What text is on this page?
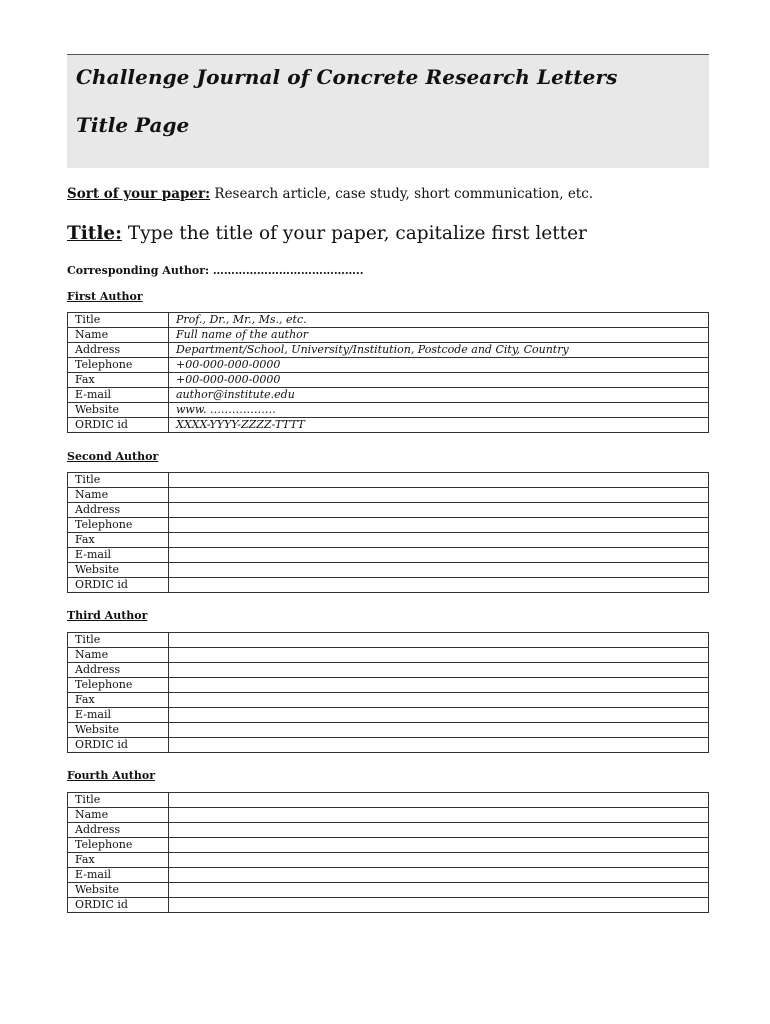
Challenge Journal of Concrete Research Letters
Title Page
Sort of your paper: Research article, case study, short communication, etc.
Title: Type the title of your paper, capitalize first letter
Corresponding Author: …………………………………..
First Author
Title	Prof., Dr., Mr., Ms., etc.
Name	Full name of the author
Address	Department/School, University/Institution, Postcode and City, Country
Telephone	+00-000-000-0000
Fax	+00-000-000-0000
E-mail	author@institute.edu
Website	www. ………………
ORDIC id	XXXX-YYYY-ZZZZ-TTTT
Second Author
Title	
Name	
Address	
Telephone	
Fax	
E-mail	
Website	
ORDIC id	
Third Author
Title	
Name	
Address	
Telephone	
Fax	
E-mail	
Website	
ORDIC id	
Fourth Author
Title	
Name	
Address	
Telephone	
Fax	
E-mail	
Website	
ORDIC id	
